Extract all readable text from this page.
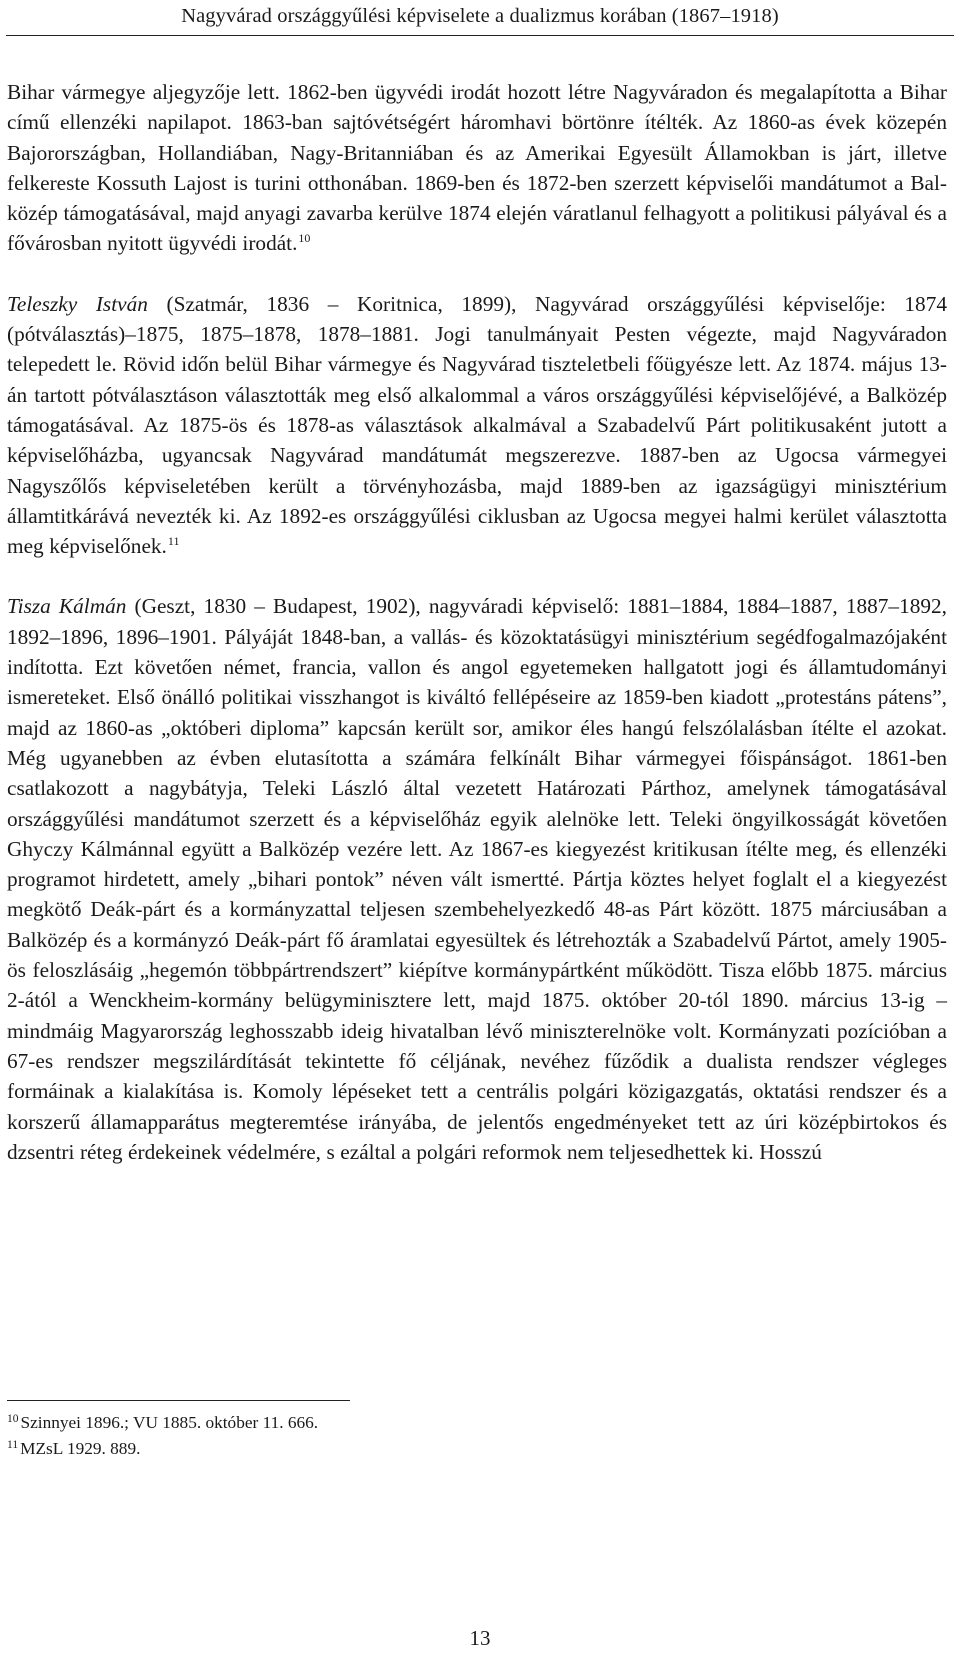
Nagyvárad országgyűlési képviselete a dualizmus korában (1867–1918)

Bihar vármegye aljegyzője lett. 1862-ben ügyvédi irodát hozott létre Nagyváradon és megalapította a Bihar című ellenzéki napilapot. 1863-ban sajtóvétségért háromhavi börtönre ítélték. Az 1860-as évek közepén Bajorországban, Hollandiában, Nagy-Britanniában és az Amerikai Egyesült Államokban is járt, illetve felkereste Kossuth Lajost is turini otthonában. 1869-ben és 1872-ben szerzett képviselői mandátumot a Balközép támogatásával, majd anyagi zavarba kerülve 1874 elején váratlanul felhagyott a politikusi pályával és a fővárosban nyitott ügyvédi irodát.$^{10}$

Teleszky István (Szatmár, 1836 – Koritnica, 1899), Nagyvárad országgyűlési képviselője: 1874 (pótválasztás)–1875, 1875–1878, 1878–1881. Jogi tanulmányait Pesten végezte, majd Nagyváradon telepedett le. Rövid időn belül Bihar vármegye és Nagyvárad tiszteletbeli főügyésze lett. Az 1874. május 13-án tartott pótválasztáson választották meg első alkalommal a város országgyűlési képviselőjévé, a Balközép támogatásával. Az 1875-ös és 1878-as választások alkalmával a Szabadelvű Párt politikusaként jutott a képviselőházba, ugyancsak Nagyvárad mandátumát megszerezve. 1887-ben az Ugocsa vármegyei Nagyszőlős képviseletében került a törvényhozásba, majd 1889-ben az igazságügyi minisztérium államtitkárává nevezték ki. Az 1892-es országgyűlési ciklusban az Ugocsa megyei halmi kerület választotta meg képviselőnek.$^{11}$

Tisza Kálmán (Geszt, 1830 – Budapest, 1902), nagyváradi képviselő: 1881–1884, 1884–1887, 1887–1892, 1892–1896, 1896–1901. Pályáját 1848-ban, a vallás- és közoktatásügyi minisztérium segédfogalmazójaként indította. Ezt követően német, francia, vallon és angol egyetemeken hallgatott jogi és államtudományi ismereteket. Első önálló politikai visszhangot is kiváltó fellépéseire az 1859-ben kiadott „protestáns pátens”, majd az 1860-as „októberi diploma” kapcsán került sor, amikor éles hangú felszólalásban ítélte el azokat. Még ugyanebben az évben elutasította a számára felkínált Bihar vármegyei főispánságot. 1861-ben csatlakozott a nagybátyja, Teleki László által vezetett Határozati Párthoz, amelynek támogatásával országgyűlési mandátumot szerzett és a képviselőház egyik alelnöke lett. Teleki öngyilkosságát követően Ghyczy Kálmánnal együtt a Balközép vezére lett. Az 1867-es kiegyezést kritikusan ítélte meg, és ellenzéki programot hirdetett, amely „bihari pontok” néven vált ismertté. Pártja köztes helyet foglalt el a kiegyezést megkötő Deák-párt és a kormányzattal teljesen szembehelyezkedő 48-as Párt között. 1875 márciusában a Balközép és a kormányzó Deák-párt fő áramlatai egyesültek és létrehozták a Szabadelvű Pártot, amely 1905-ös feloszlásáig „hegemón többpártrendszert” kiépítve kormánypártként működött. Tisza előbb 1875. március 2-ától a Wenckheim-kormány belügyminisztere lett, majd 1875. október 20-tól 1890. március 13-ig – mindmáig Magyarország leghosszabb ideig hivatalban lévő miniszterelnöke volt. Kormányzati pozícióban a 67-es rendszer megszilárdítását tekintette fő céljának, nevéhez fűződik a dualista rendszer végleges formáinak a kialakítása is. Komoly lépéseket tett a centrális polgári közigazgatás, oktatási rendszer és a korszerű államapparátus megteremtése irányába, de jelentős engedményeket tett az úri középbirtokos és dzsentri réteg érdekeinek védelmére, s ezáltal a polgári reformok nem teljesedhettek ki. Hosszú

$^{10}$ Szinnyei 1896.; VU 1885. október 11. 666.
$^{11}$ MZsL 1929. 889.
13
